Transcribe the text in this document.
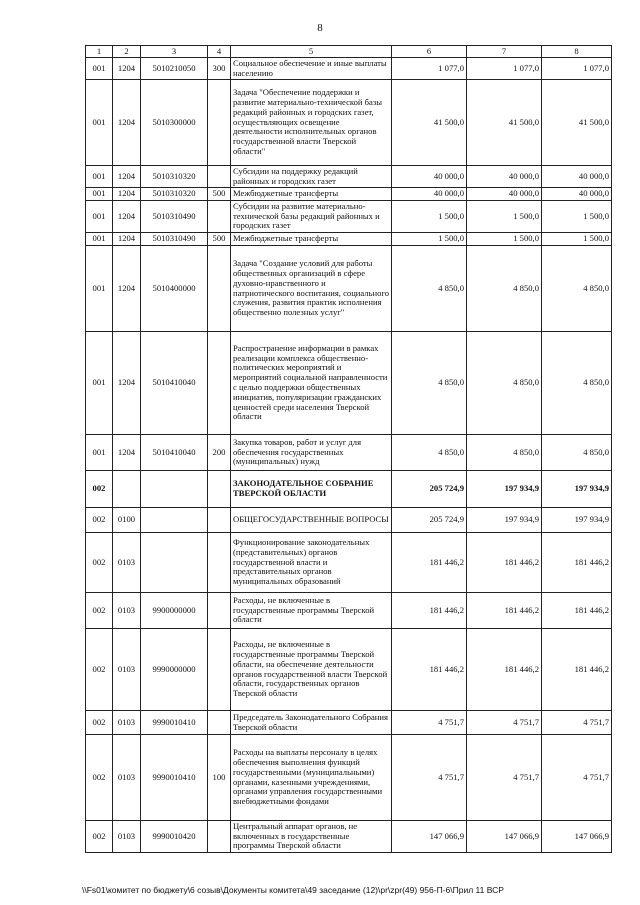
8
1	2	3	4	5	6	7	8
001	1204	5010210050	300	Социальное обеспечение и иные выплаты населению	1 077,0	1 077,0	1 077,0
001	1204	5010300000		Задача "Обеспечение поддержки и развитие материально-технической базы редакций районных и городских газет, осуществляющих освещение деятельности исполнительных органов государственной власти Тверской области"	41 500,0	41 500,0	41 500,0
001	1204	5010310320		Субсидии на поддержку редакций районных и городских газет	40 000,0	40 000,0	40 000,0
001	1204	5010310320	500	Межбюджетные трансферты	40 000,0	40 000,0	40 000,0
001	1204	5010310490		Субсидии на развитие материально-технической базы редакций районных и городских газет	1 500,0	1 500,0	1 500,0
001	1204	5010310490	500	Межбюджетные трансферты	1 500,0	1 500,0	1 500,0
001	1204	5010400000		Задача "Создание условий для работы общественных организаций в сфере духовно-нравственного и патриотического воспитания, социального служения, развития практик исполнения общественно полезных услуг"	4 850,0	4 850,0	4 850,0
001	1204	5010410040		Распространение информации в рамках реализации комплекса общественно-политических мероприятий и мероприятий социальной направленности с целью поддержки общественных инициатив, популяризации гражданских ценностей среди населения Тверской области	4 850,0	4 850,0	4 850,0
001	1204	5010410040	200	Закупка товаров, работ и услуг для обеспечения государственных (муниципальных) нужд	4 850,0	4 850,0	4 850,0
002				ЗАКОНОДАТЕЛЬНОЕ СОБРАНИЕ ТВЕРСКОЙ ОБЛАСТИ	205 724,9	197 934,9	197 934,9
002	0100			ОБЩЕГОСУДАРСТВЕННЫЕ ВОПРОСЫ	205 724,9	197 934,9	197 934,9
002	0103			Функционирование законодательных (представительных) органов государственной власти и представительных органов муниципальных образований	181 446,2	181 446,2	181 446,2
002	0103	9900000000		Расходы, не включенные в государственные программы Тверской области	181 446,2	181 446,2	181 446,2
002	0103	9990000000		Расходы, не включенные в государственные программы Тверской области, на обеспечение деятельности органов государственной власти Тверской области, государственных органов Тверской области	181 446,2	181 446,2	181 446,2
002	0103	9990010410		Председатель Законодательного Собрания Тверской области	4 751,7	4 751,7	4 751,7
002	0103	9990010410	100	Расходы на выплаты персоналу в целях обеспечения выполнения функций государственными (муниципальными) органами, казенными учреждениями, органами управления государственными внебюджетными фондами	4 751,7	4 751,7	4 751,7
002	0103	9990010420		Центральный аппарат органов, не включенных в государственные программы Тверской области	147 066,9	147 066,9	147 066,9
\\Fs01\комитет по бюджету\6 созыв\Документы комитета\49 заседание (12)\pr\zpr(49) 956-П-6\Прил 11 ВСР
